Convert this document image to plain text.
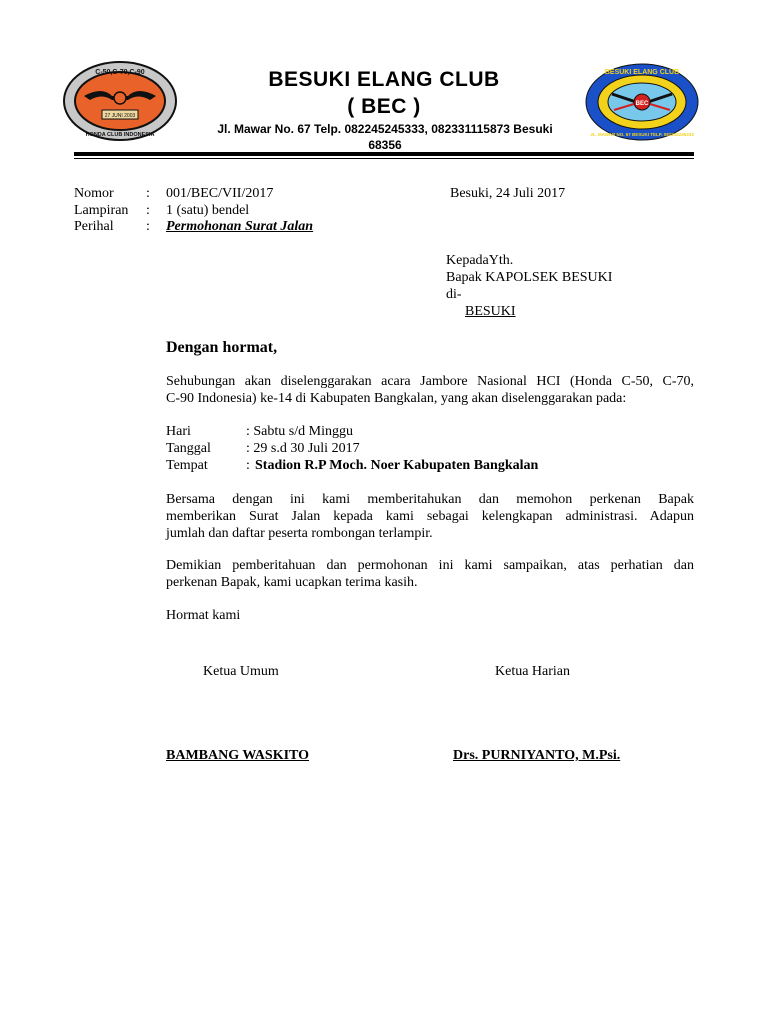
C-50,C-70,C-90
HONDA CLUB INDONESIA
27 JUNI 2003
BESUKI ELANG CLUB
JL. MAWAR NO. 67 BESUKI TELP. 082245245333
BEC
BESUKI ELANG CLUB
( BEC )
Jl. Mawar No. 67 Telp. 082245245333, 082331115873 Besuki
68356
Nomor : 001/BEC/VII/2017
Lampiran : 1 (satu) bendel
Perihal : Permohonan Surat Jalan
Besuki, 24 Juli 2017
KepadaYth.
Bapak KAPOLSEK BESUKI
di-
BESUKI
Dengan hormat,
Sehubungan akan diselenggarakan acara Jambore Nasional HCI (Honda C-50, C-70,
C-90 Indonesia) ke-14 di Kabupaten Bangkalan, yang akan diselenggarakan pada:
Hari	: Sabtu s/d Minggu
Tanggal	: 29 s.d 30 Juli 2017
Tempat	: Stadion R.P Moch. Noer Kabupaten Bangkalan
Bersama dengan ini kami memberitahukan dan memohon perkenan Bapak
memberikan Surat Jalan kepada kami sebagai kelengkapan administrasi. Adapun
jumlah dan daftar peserta rombongan terlampir.
Demikian pemberitahuan dan permohonan ini kami sampaikan, atas perhatian dan
perkenan Bapak, kami ucapkan terima kasih.
Hormat kami
Ketua Umum	Ketua Harian
BAMBANG WASKITO	Drs. PURNIYANTO, M.Psi.
